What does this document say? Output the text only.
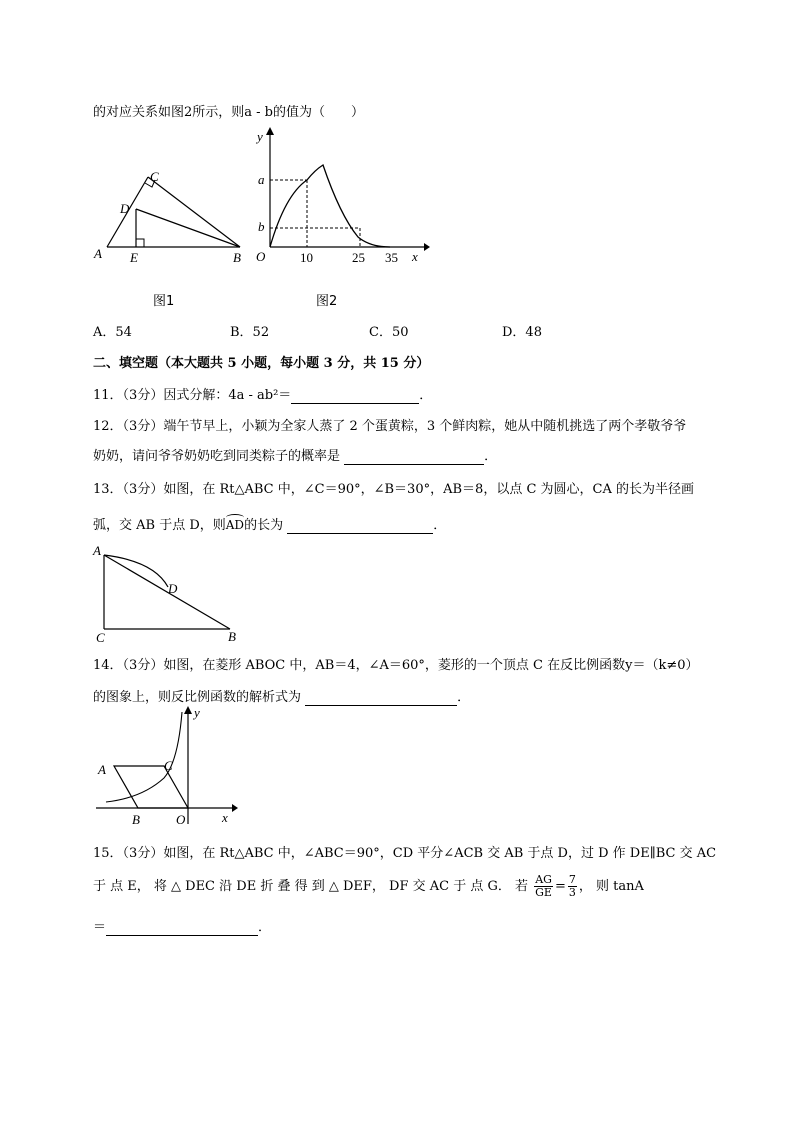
的对应关系如图2所示，则a - b的值为（　　）
A	B
C
D
E
y
a
b
O	10	25 35 x
图1	图2
A．54	B．52	C．50	D．48
二、填空题（本大题共 5 小题，每小题 3 分，共 15 分）
11．（3分）因式分解：4a - ab²＝	．
12．（3分）端午节早上，小颖为全家人蒸了 2 个蛋黄粽，3 个鲜肉粽，她从中随机挑选了两个孝敬爷爷
奶奶，请问爷爷奶奶吃到同类粽子的概率是	．
13．（3分）如图，在 Rt△ABC 中，∠C＝90°，∠B＝30°，AB＝8，以点 C 为圆心，CA 的长为半径画
弧，交 AB 于点 D，则
AD的长为	．
A
D
C	B
14．（3分）如图，在菱形 ABOC 中，AB＝4，∠A＝60°，菱形的一个顶点 C 在反比例函数y＝（k≠0）
的图象上，则反比例函数的解析式为	．
y
A	C
B	O	x
15．（3分）如图，在 Rt△ABC 中，∠ABC＝90°，CD 平分∠ACB 交 AB 于点 D，过 D 作 DE∥BC 交 AC
于 点 E， 将 △ DEC 沿 DE 折 叠 得 到 △ DEF， DF 交 AC 于 点 G． 若 $\frac{AG}{GE} = \frac{7}{3}$ ， 则 tanA
＝	．
